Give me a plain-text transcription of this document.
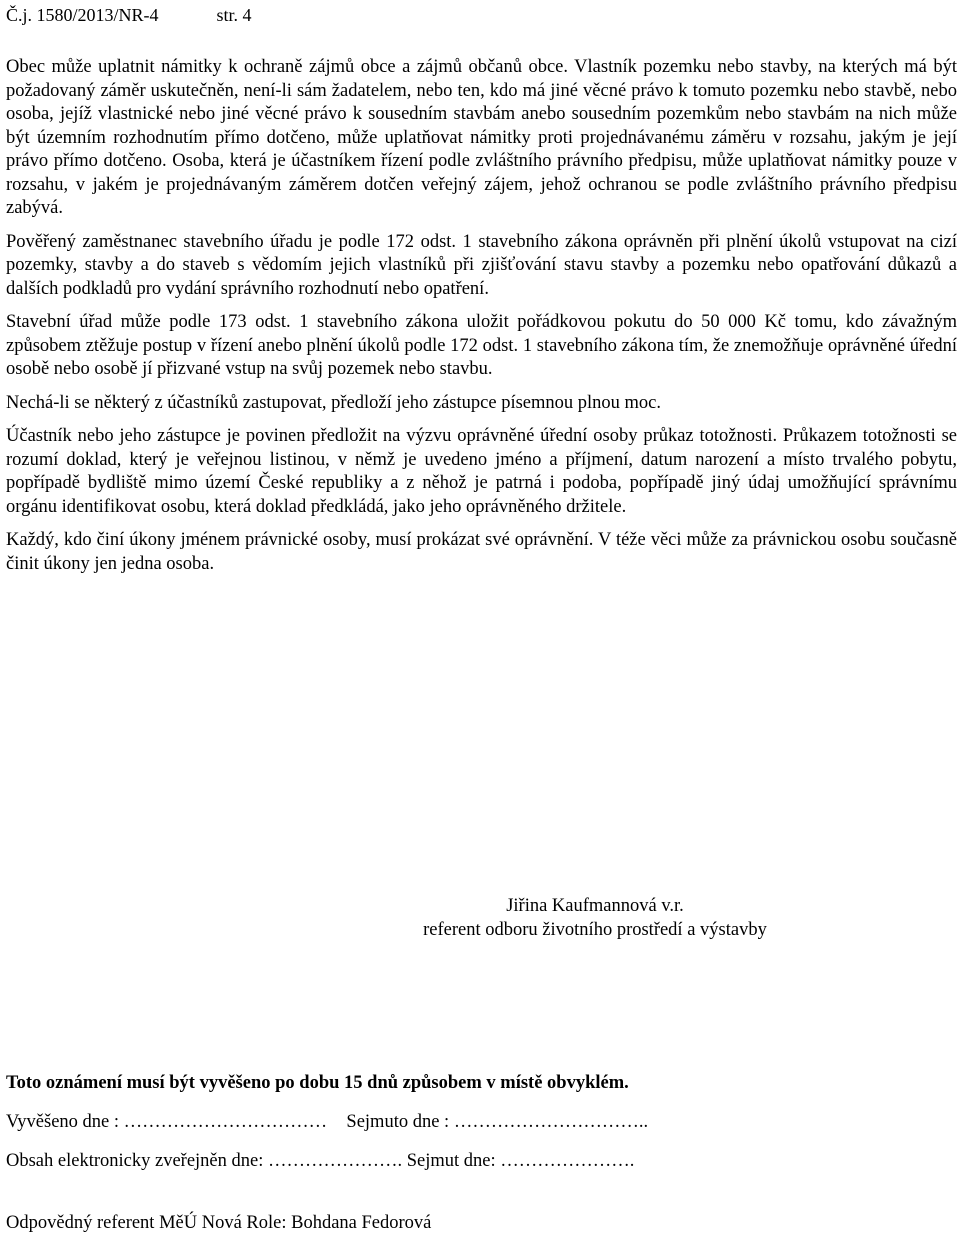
Č.j. 1580/2013/NR-4	str. 4

Obec může uplatnit námitky k ochraně zájmů obce a zájmů občanů obce. Vlastník pozemku nebo stavby, na kterých má být požadovaný záměr uskutečněn, není-li sám žadatelem, nebo ten, kdo má jiné věcné právo k tomuto pozemku nebo stavbě, nebo osoba, jejíž vlastnické nebo jiné věcné právo k sousedním stavbám anebo sousedním pozemkům nebo stavbám na nich může být územním rozhodnutím přímo dotčeno, může uplatňovat námitky proti projednávanému záměru v rozsahu, jakým je její právo přímo dotčeno. Osoba, která je účastníkem řízení podle zvláštního právního předpisu, může uplatňovat námitky pouze v rozsahu, v jakém je projednávaným záměrem dotčen veřejný zájem, jehož ochranou se podle zvláštního právního předpisu zabývá.

Pověřený zaměstnanec stavebního úřadu je podle 172 odst. 1 stavebního zákona oprávněn při plnění úkolů vstupovat na cizí pozemky, stavby a do staveb s vědomím jejich vlastníků při zjišťování stavu stavby a pozemku nebo opatřování důkazů a dalších podkladů pro vydání správního rozhodnutí nebo opatření.

Stavební úřad může podle 173 odst. 1 stavebního zákona uložit pořádkovou pokutu do 50 000 Kč tomu, kdo závažným způsobem ztěžuje postup v řízení anebo plnění úkolů podle 172 odst. 1 stavebního zákona tím, že znemožňuje oprávněné úřední osobě nebo osobě jí přizvané vstup na svůj pozemek nebo stavbu.

Nechá-li se některý z účastníků zastupovat, předloží jeho zástupce písemnou plnou moc.

Účastník nebo jeho zástupce je povinen předložit na výzvu oprávněné úřední osoby průkaz totožnosti. Průkazem totožnosti se rozumí doklad, který je veřejnou listinou, v němž je uvedeno jméno a příjmení, datum narození a místo trvalého pobytu, popřípadě bydliště mimo území České republiky a z něhož je patrná i podoba, popřípadě jiný údaj umožňující správnímu orgánu identifikovat osobu, která doklad předkládá, jako jeho oprávněného držitele.

Každý, kdo činí úkony jménem právnické osoby, musí prokázat své oprávnění. V téže věci může za právnickou osobu současně činit úkony jen jedna osoba.

Jiřina Kaufmannová v.r.
referent odboru životního prostředí a výstavby
Toto oznámení musí být vyvěšeno po dobu 15 dnů způsobem v místě obvyklém.
Vyvěšeno dne : …………………………… Sejmuto dne : …………………………..
Obsah elektronicky zveřejněn dne: …………………. Sejmut dne: ………………….
Odpovědný referent MěÚ Nová Role: Bohdana Fedorová
